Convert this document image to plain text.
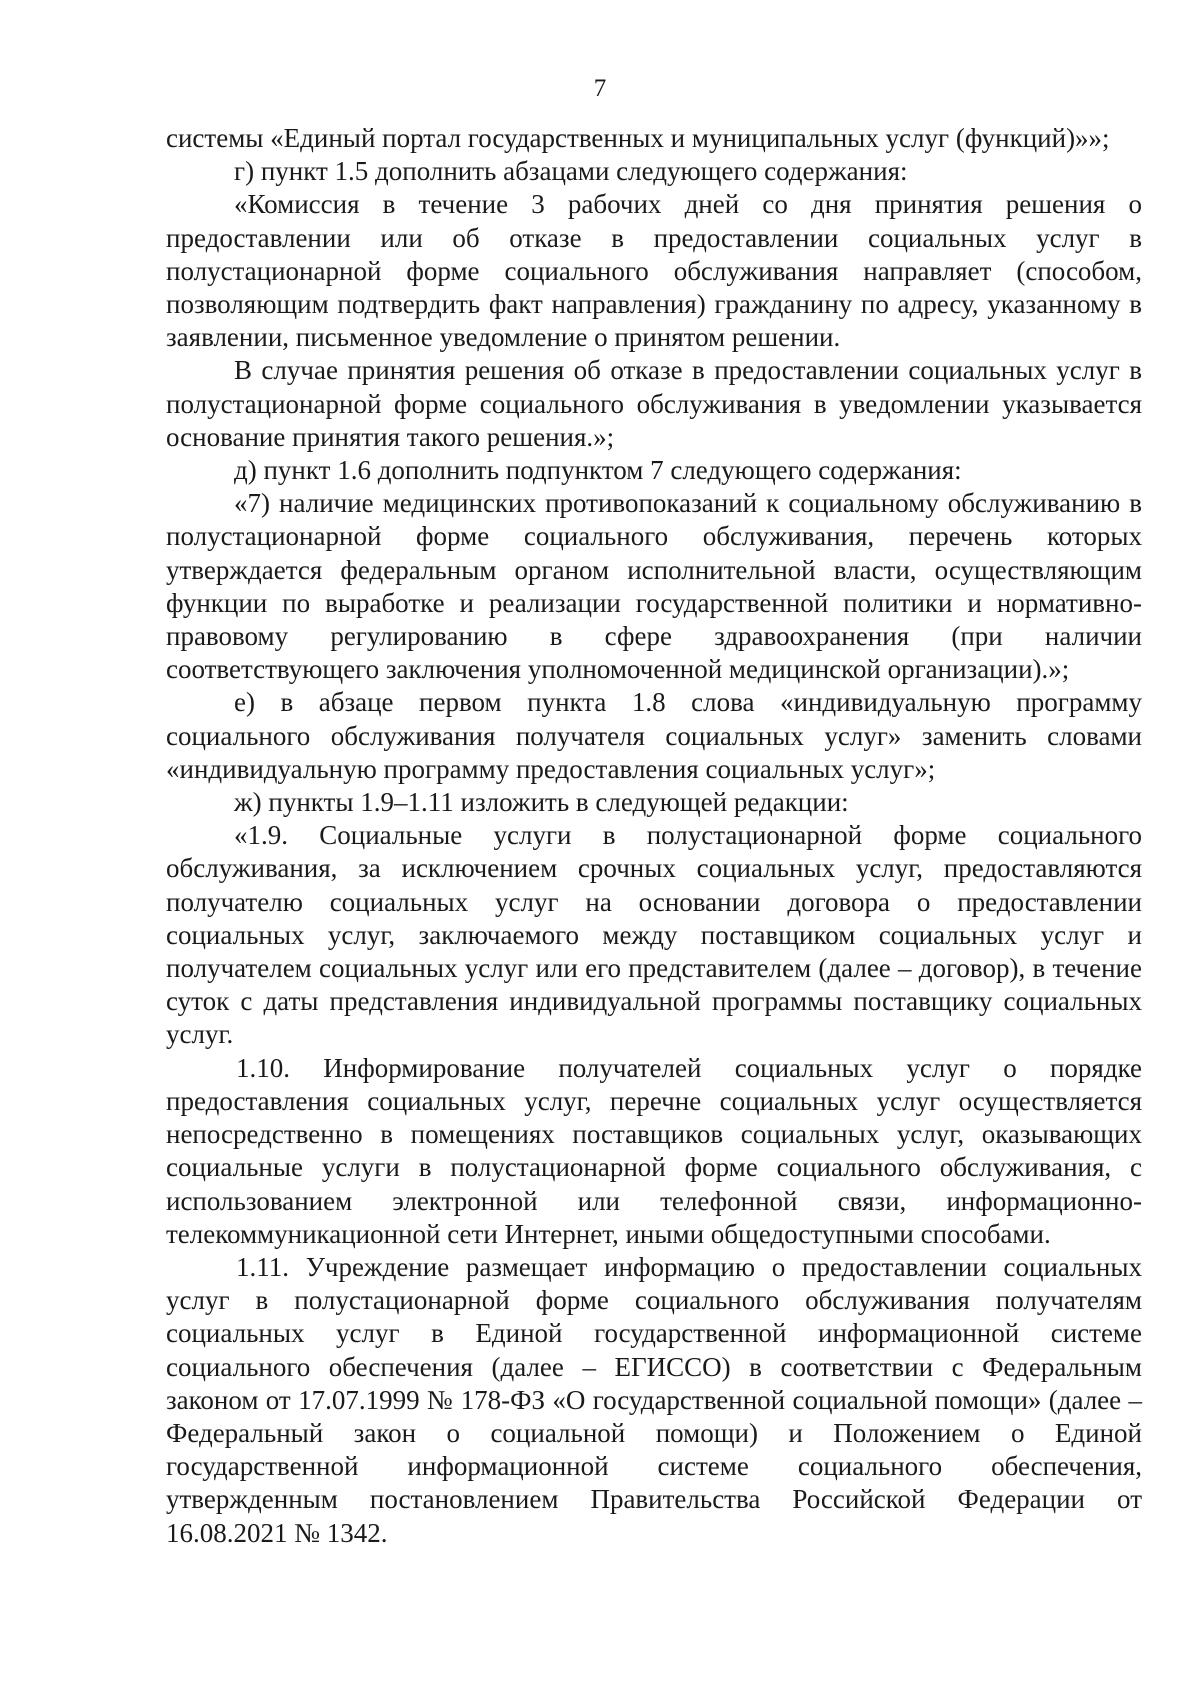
7

системы «Единый портал государственных и муниципальных услуг (функций)»»;

г) пункт 1.5 дополнить абзацами следующего содержания:

«Комиссия в течение 3 рабочих дней со дня принятия решения о предоставлении или об отказе в предоставлении социальных услуг в полустационарной форме социального обслуживания направляет (способом, позволяющим подтвердить факт направления) гражданину по адресу, указанному в заявлении, письменное уведомление о принятом решении.

В случае принятия решения об отказе в предоставлении социальных услуг в полустационарной форме социального обслуживания в уведомлении указывается основание принятия такого решения.»;

д) пункт 1.6 дополнить подпунктом 7 следующего содержания:

«7) наличие медицинских противопоказаний к социальному обслуживанию в полустационарной форме социального обслуживания, перечень которых утверждается федеральным органом исполнительной власти, осуществляющим функции по выработке и реализации государственной политики и нормативно-правовому регулированию в сфере здравоохранения (при наличии соответствующего заключения уполномоченной медицинской организации).»;

е) в абзаце первом пункта 1.8 слова «индивидуальную программу социального обслуживания получателя социальных услуг» заменить словами «индивидуальную программу предоставления социальных услуг»;

ж) пункты 1.9–1.11 изложить в следующей редакции:

«1.9. Социальные услуги в полустационарной форме социального обслуживания, за исключением срочных социальных услуг, предоставляются получателю социальных услуг на основании договора о предоставлении социальных услуг, заключаемого между поставщиком социальных услуг и получателем социальных услуг или его представителем (далее – договор), в течение суток с даты представления индивидуальной программы поставщику социальных услуг.

1.10. Информирование получателей социальных услуг о порядке предоставления социальных услуг, перечне социальных услуг осуществляется непосредственно в помещениях поставщиков социальных услуг, оказывающих социальные услуги в полустационарной форме социального обслуживания, с использованием электронной или телефонной связи, информационно-телекоммуникационной сети Интернет, иными общедоступными способами.

1.11. Учреждение размещает информацию о предоставлении социальных услуг в полустационарной форме социального обслуживания получателям социальных услуг в Единой государственной информационной системе социального обеспечения (далее – ЕГИССО) в соответствии с Федеральным законом от 17.07.1999 № 178-ФЗ «О государственной социальной помощи» (далее – Федеральный закон о социальной помощи) и Положением о Единой государственной информационной системе социального обеспечения, утвержденным постановлением Правительства Российской Федерации от 16.08.2021 № 1342.
